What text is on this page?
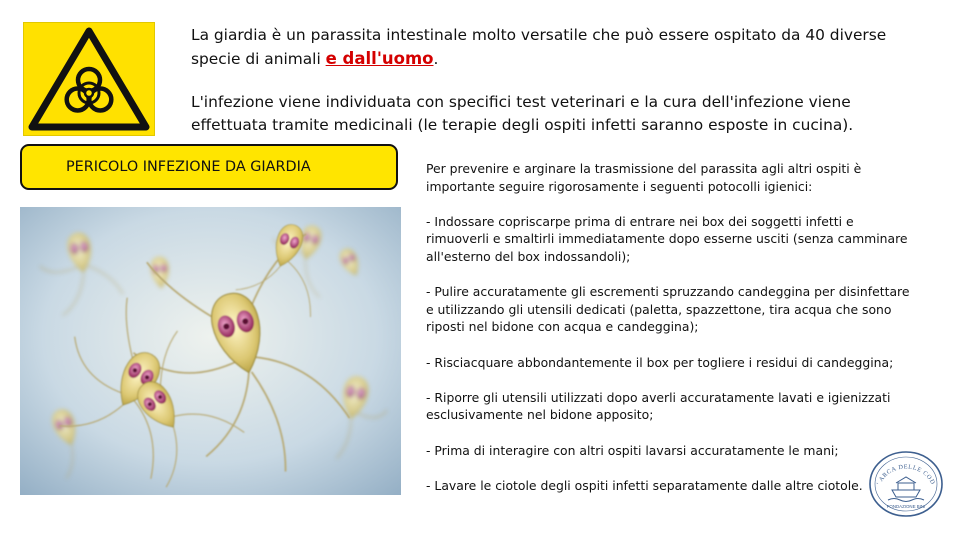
La giardia è un parassita intestinale molto versatile che può essere ospitato da 40 diverse specie di animali e dall'uomo.

L'infezione viene individuata con specifici test veterinari e la cura dell'infezione viene effettuata tramite medicinali (le terapie degli ospiti infetti saranno esposte in cucina).

PERICOLO INFEZIONE DA GIARDIA	Per prevenire e arginare la trasmissione del parassita agli altri ospiti è importante seguire rigorosamente i seguenti potocolli igienici:

- Indossare copriscarpe prima di entrare nei box dei soggetti infetti e rimuoverli e smaltirli immediatamente dopo esserne usciti (senza camminare all'esterno del box indossandoli);

- Pulire accuratamente gli escrementi spruzzando candeggina per disinfettare e utilizzando gli utensili dedicati (paletta, spazzettone, tira acqua che sono riposti nel bidone con acqua e candeggina);

- Risciacquare abbondantemente il box per togliere i residui di candeggina;

- Riporre gli utensili utilizzati dopo averli accuratamente lavati e igienizzati esclusivamente nel bidone apposito;

- Prima di interagire con altri ospiti lavarsi accuratamente le mani;

- Lavare le ciotole degli ospiti infetti separatamente dalle altre ciotole.	' ARCA DELLE COD
FONDAZIONE BINI
